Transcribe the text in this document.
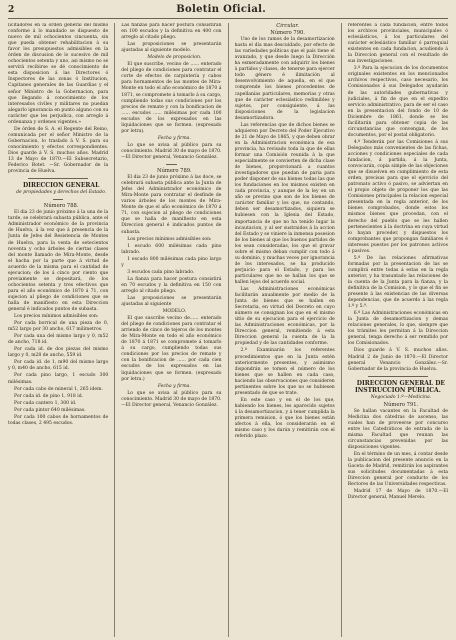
2	Boletin Oficial.

licitadores en la órden general del mismo conforme á lo mandado se dispuesto de nuevo de mil ochocientos cincuenta, sin que pueda obtener rehabilitacion á su favor los presupuestos admisibles en la órden de discusion de lo sucesivo de mil ochocientos setenta y uno, asi mismo no se servirá recibirse se dé conocimiento de esta disposicion á las Directores ó Inspectores de las zonas ó Institucion, Capitanes generales de las Guardias y el señor Ministro de la Gobernacion, para que llegando á conocimiento de los interesados civiles y militares no puedan alegarlo ignorancia en punto alguno con su carácter que les perjudica, con arreglo á ordenanza y ordenes vigentes.»

De órden de S. A. el Regente del Reino, comunicada por el señor Ministro de la Gobernacion, lo traslado á V. S. para su conocimiento y efectos correspondientes. Dios guarde á V. S. muchos años. Madrid 13 de Mayo de 1870.—El Subsecretario, Federico Botet. —Sr. Gobernador de la provincia de Huelva.

DIRECCION GENERAL

de propiedades y derechos del Estado.

Número 788.

El dia 23 de junio próximo á la una de la tarde, se celebrará subasta pública, ante el Administrador económico de la provincia de Huelva, á la vez que á presencia de la Junta de Jefes del Resistencia de Montes de Huelva, para la venta de setecientos noventa y ocho árboles de ciertas clases del monte llamado de Mira-Monte, desde el hacha por la parte que á virtud de acuerdo de la misma para el cantidad de ejecucion; de los á cinco por ciento que previamente se depositará, de los ochocientos setenta y tres efectivos que para el año económico de 1870 á 71, con sujecion al pliego de condiciones que se halla de manifiesto en esta Direccion general é indicados puntos de subasta.

Los precios mínimos admisibles son:

Por cada borrical de una pieza de 0, m52 largo por 30 ancho, 617 milímetros.

Por cada una del mismo largo y 0, m52 de ancho, 718 id.

Por cada id. de dos piezas del mismo largo y 0, m28 de ancho, 559 id.

Por cada id. de 1, m90 del mismo largo y 0, m40 de ancho, 615 id.

Por cada pino largo, 1 escudo 300 milésimas.

Por cada cabo de mineral 1, 265 idem.

Por cada id. de pino 1, 918 id.

Por cada cantero 1, 300 id.

Por cada pintor 640 milésimas.

Por cada 100 cabos de hornamentos de todas clases, 2 495 escudos.

Las fianzas para hacer postura consistirán en 100 escudos y la definitiva en 400 con arreglo al citado pliego.

Las proposiciones se presentarán ajustadas al siguiente modelo.

Modelo de proposicion.

El que suscribe, vecino de ...... enterado del pliego de condiciones para contratar el corte de efectos de carpintería y cabos para hornamentos de las montes de Mira-Monte en todo el año económico de 1870 á 1871, se compromete á tomarlo á su cargo, cumpliendo todas sus condiciones por los precios de remate y con la bonificacion de ...... escudos ...... milésimas por cada 100 escudos de los expresados en las liquidaciones que se formen. (expresado por letra).

Fecha y firma.

Lo que se avisa al público para su conocimiento. Madrid 30 de mayo de 1870.—El Director general, Venancio González.

Número 789.

El dia 23 de junio próximo á las doce, se celebrará subasta pública ante la Junta de Jefes del Administrador económico de Mira-Monte para contratar el desfinde de varios árboles de los montes de Mira-Monte de que el año económico de 1870 á 71, con sujecion al pliego de condiciones que se halla de manifiesto en esta Direccion general é indicados puntos de subasta.

Los precios mínimos admisibles son:

1 escudo 600 milésimas cada pino labrado.

1 escudo 800 milésimas cada pino largo y

3 escudos cada pino labrado.

La fianza para hacer postura consistirá en 70 escudos y la definitiva en 150 con arreglo al citado pliego.

Las proposiciones se presentarán ajustadas al siguiente

MODELO.

El que suscribe vecino de...... enterado del pliego de condiciones para contratar el arriendo de cinco de tejeros de los montes de Mira-Monte en todo el año económico de 1870 á 1871 se compromete á tomarlo á su cargo, cumpliendo todas sus condiciones por los precios de remate y con la bonificacion de ...... por cada cien escudos de los expresados en las liquidaciones que se formen. (expresado por letra.)

Fecha y firma.

Lo que se avisa al público para su conocimiento. Madrid 30 de mayo de 1870.—El Director general, Venancio González.

Circular.

Número 790.

Uno de los ramos de la desamortizacion hasta el día mas descuidado, por efecto de las variedades políticas que el país tiene el avanzado, y que desde luego la Dirección ha esmeradamente con adquirir los bienes á partidos y clases, de tenerse para ejercer todo género é ilimitación al desenvolvimiento de aquella, en el que comprende los bienes procedentes de capellanías particulares, memorias y otras que de carácter eclesiástico redimibles y sujetos, por consiguiente, á las disposiciones de la legislacion desamortizadora.

Las referencias que de dichos bienes se adquieren por Decreto del Poder Ejecutivo de 21 de Mayo de 1865, y que deben obrar en la Administracion económica de esa provincia, ha revisado toda la que de ellas formar una Comisión reunida á la que especialmente se convierten de dicha clase de bienes, proporcionará a cuantos investigadores que puedan de paria para poder disponer de sus bienes todas las que los fundaciones en los mismos existen en cada provincia, y aunque de la ley en un año se previno que son de los bienes de carácter familiar y los que, no contando, deben ser desamortizados, siquiera se hubiesen con la Iglesia del Estado, importancia de que no ha tenido lugar la incautacion, y al ser sustraidos á la accion del Estado y se viniere la inmensa posesion de los bienes al que los buenos partidos de los sean consideradas, los que el gravar sobre el mismo deban cumplir con todo á su dominio, y muchas veces por ignorancia de los interesados, se ha producido perjuicio para el Estado, y para los particulares que no se hallan los que se hallen lejos del acuerdo social.

Las Administraciones económicas facilitarán anualmente por medio de la Junta de bienes que se hallen en Secretaria, en virtud del Decreto en cuyo número se consignan los que en el mismo sitio de su ejecucion para el ejercicio de las Administraciones económicas, por la Direccion general, remitiendo á esta Direccion general la cuenta de la la propiedad y de las cantidades conforme.

2.º Examinarán los referentes procedimientos que en la Junta estén anteriormente presentes, y asimismo dispondrán se tomen el número de los bienes que se hallen en cada caso, haciendo las observaciones que consideren pertinentes sobre los que no se hubiesen presentado de que se trate.

En este caso y en el de los que, habiendo los bienes, les aparecido sujetos á la desamortizacion, y á tener cumplida la primera remision, ó que los bienes están afectos á ella, los considerarán en el mismo caso y los darán y remitirán con el referido plazo.

referentes á cada fundacion, entre todos los archivos provinciales, municipales ó eclesiásticos, á los particulares del carácter eclesiástico familiar ó parroquial existentes en cada fundacion, acudiendo á la Direccion general con el resultado de sus investigaciones.

3.º Para la ejecucion de los documentos originales existentes en los mencionados archivos respectivos, caso necesario, los Comisionados á sus Delegados ayudarán de las autoridades gubernativas y judiciales, á fin de que en el expedito servicio administrativo, para de ser el caso en la presentacion del fondo de 10 de Diciembre de 1861, donde se les facilitarán para obtener copia de las circunstancias que convengan, de los documentos, por el postal obligatorio.

4.º Tenderán por las Comisiones á sus Delegados más convenientes de las fichas, acciones y condiciones especiales de cada fundacion, á partida, á la Junta, convocarán, copia simple de las objeciones que se disuelven en cumplimiento de esta orden, precisas para que el ejercicio del patronato activo ó pasivo, se adviertan en el propio objeto de proponer los que las Comisiones principales la relacion especial presentada en la regla anterior, de los bienes comprobados, donde estos los mismos bienes que procedan, con el derecho del pueblo que se les hallen pertenecientes á la doctrina en cuya virtud lo hayan proceder, y dispuestos los comprobantes que propongan familiares é intereses puestos por los patronos activos ó pasivos.

5.º De las relaciones afirmativas formadas por la presentacion de las se cumplirá entre todas á estas en la regla anterior, y ha trasuntado las relaciones de la cuenta de la Junta para la fianza, y la definitiva de la Comision, y lo que el fin se presente á las existencias de las diversas dependencias, que de acuerdo á las regla 1.º y 5.ª.

6.º Las Administraciones económicas en la Junta de desamortizacion y demas relaciones generales, lo que, siempre que los trámites les permitan á la Direccion general, tenga derecho á ser remitido por los Comisionados.

Dios guarde á V. S. muchos años. Madrid 2 de Junio de 1870.—El Director general Venancio González.—Sr. Gobernador de la provincia de Huelva.

DIRECCION GENERAL DE INSTRUCCION PÚBLICA.

Negociado 1.º—Medicina.

Número 791.

Se hallan vacantes en la Facultad de Medicina dos cátedras de ascenso, las cuales han de proveerse por concurso entre los Catedráticos de entrada de la misma Facultad que reunan las circunstancias prevenidas por las disposiciones vigentes.

En el término de un mes, á contar desde la publicacion del presente anuncio en la Gaceta de Madrid, remitirán los aspirantes sus solicitudes documentadas á esta Direccion general por conducto de los Rectores de las Universidades respectivas.

Madrid 17 de Mayo de 1870.—El Director general, Manuel Merelo.
